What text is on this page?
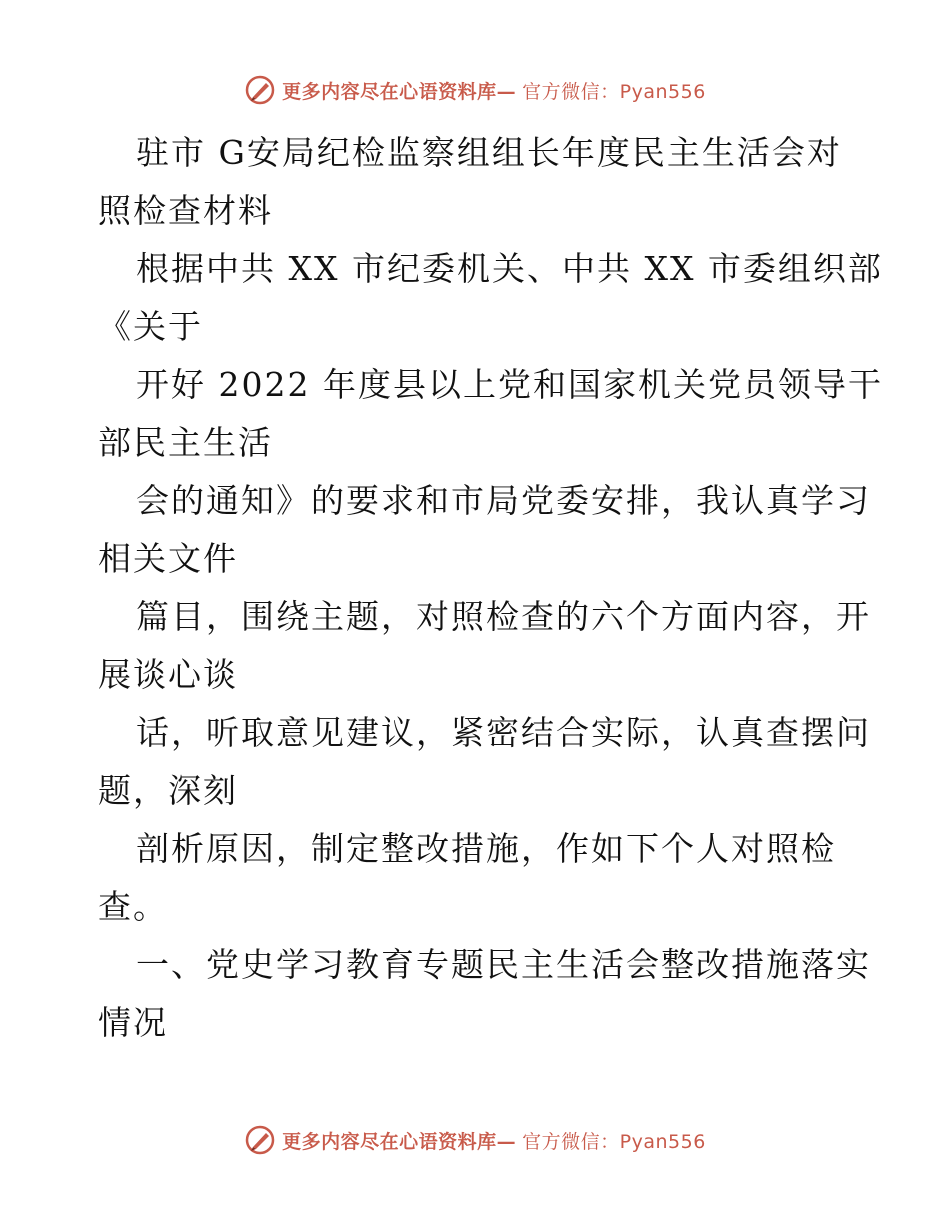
更多内容尽在心语资料库— 官方微信：Pyan556
驻市 G安局纪检监察组组长年度民主生活会对
照检查材料
根据中共 XX 市纪委机关、中共 XX 市委组织部
《关于
开好 2022 年度县以上党和国家机关党员领导干
部民主生活
会的通知》的要求和市局党委安排，我认真学习
相关文件
篇目，围绕主题，对照检查的六个方面内容，开
展谈心谈
话，听取意见建议，紧密结合实际，认真查摆问
题，深刻
剖析原因，制定整改措施，作如下个人对照检
查。
一、党史学习教育专题民主生活会整改措施落实
情况
更多内容尽在心语资料库— 官方微信：Pyan556
